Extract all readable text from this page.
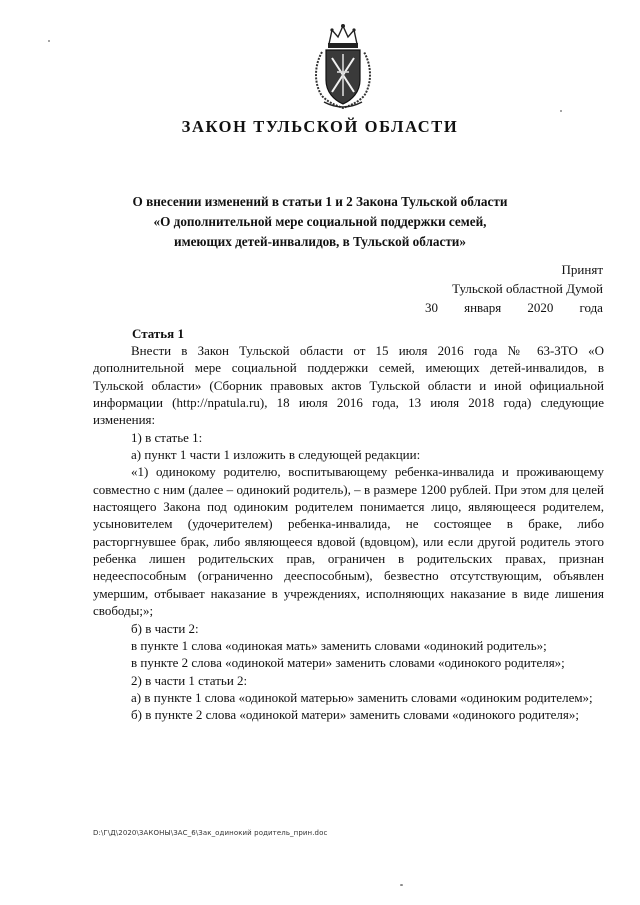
ЗАКОН ТУЛЬСКОЙ ОБЛАСТИ
О внесении изменений в статьи 1 и 2 Закона Тульской области
«О дополнительной мере социальной поддержки семей,
имеющих детей-инвалидов, в Тульской области»
Принят
Тульской областной Думой
30 января 2020 года
Статья 1

Внести в Закон Тульской области от 15 июля 2016 года № 63-ЗТО «О дополнительной мере социальной поддержки семей, имеющих детей-инвалидов, в Тульской области» (Сборник правовых актов Тульской области и иной официальной информации (http://npatula.ru), 18 июля 2016 года, 13 июля 2018 года) следующие изменения:

1) в статье 1:

а) пункт 1 части 1 изложить в следующей редакции:

«1) одинокому родителю, воспитывающему ребенка-инвалида и проживающему совместно с ним (далее – одинокий родитель), – в размере 1200 рублей. При этом для целей настоящего Закона под одиноким родителем понимается лицо, являющееся родителем, усыновителем (удочерителем) ребенка-инвалида, не состоящее в браке, либо расторгнувшее брак, либо являющееся вдовой (вдовцом), или если другой родитель этого ребенка лишен родительских прав, ограничен в родительских правах, признан недееспособным (ограниченно дееспособным), безвестно отсутствующим, объявлен умершим, отбывает наказание в учреждениях, исполняющих наказание в виде лишения свободы;»;

б) в части 2:

в пункте 1 слова «одинокая мать» заменить словами «одинокий родитель»;

в пункте 2 слова «одинокой матери» заменить словами «одинокого родителя»;

2) в части 1 статьи 2:

а) в пункте 1 слова «одинокой матерью» заменить словами «одиноким родителем»;

б) в пункте 2 слова «одинокой матери» заменить словами «одинокого родителя»;

D:\Г\Д\2020\ЗАКОНЫ\ЗАС_6\Зак_одинокий родитель_прин.doc
